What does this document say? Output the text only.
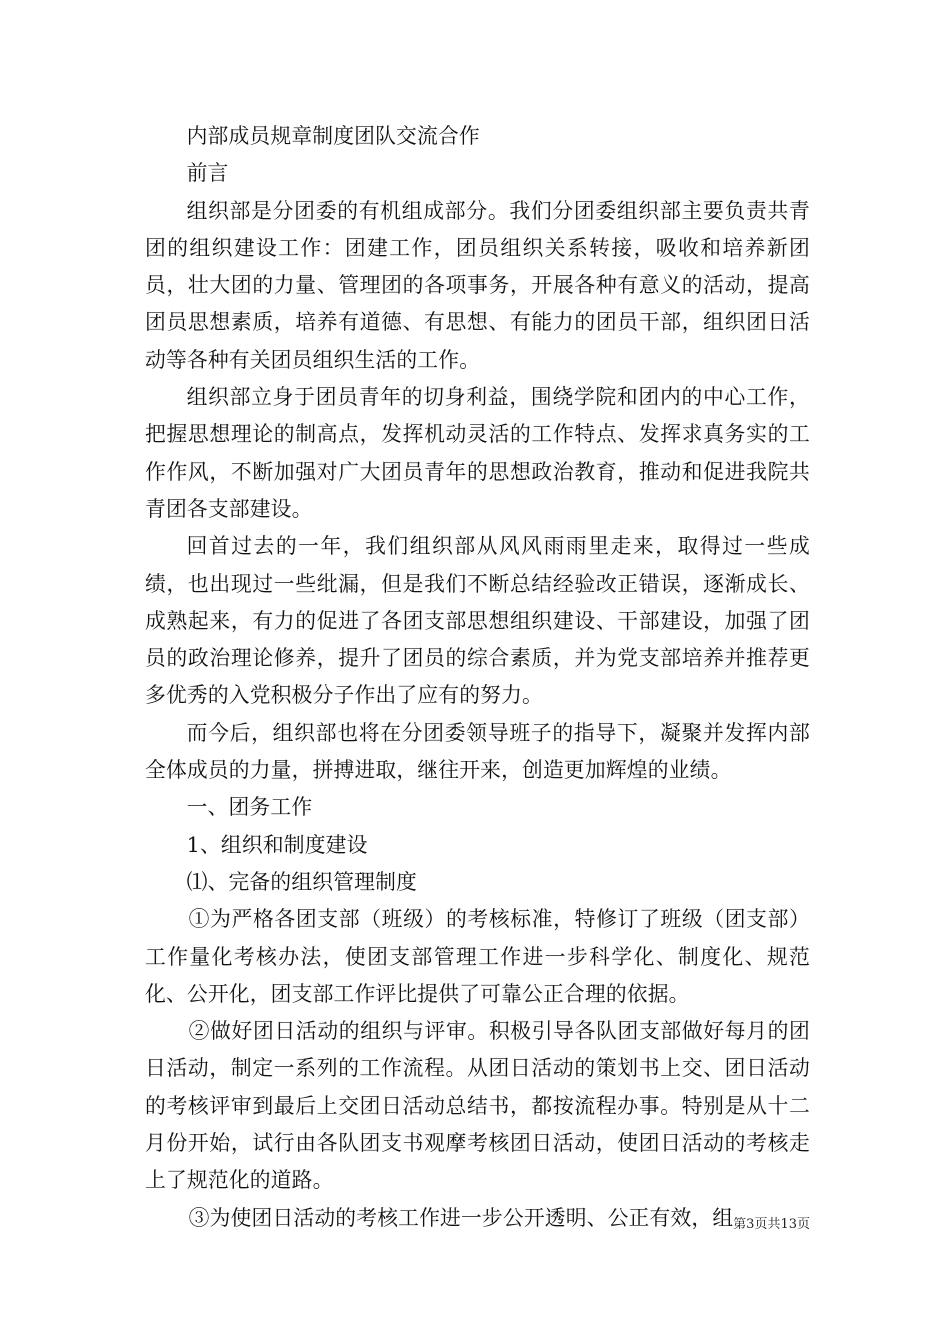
内部成员规章制度团队交流合作

前言

组织部是分团委的有机组成部分。我们分团委组织部主要负责共青团的组织建设工作：团建工作，团员组织关系转接，吸收和培养新团员，壮大团的力量、管理团的各项事务，开展各种有意义的活动，提高团员思想素质，培养有道德、有思想、有能力的团员干部，组织团日活动等各种有关团员组织生活的工作。

组织部立身于团员青年的切身利益，围绕学院和团内的中心工作，把握思想理论的制高点，发挥机动灵活的工作特点、发挥求真务实的工作作风，不断加强对广大团员青年的思想政治教育，推动和促进我院共青团各支部建设。

回首过去的一年，我们组织部从风风雨雨里走来，取得过一些成绩，也出现过一些纰漏，但是我们不断总结经验改正错误，逐渐成长、成熟起来，有力的促进了各团支部思想组织建设、干部建设，加强了团员的政治理论修养，提升了团员的综合素质，并为党支部培养并推荐更多优秀的入党积极分子作出了应有的努力。

而今后，组织部也将在分团委领导班子的指导下，凝聚并发挥内部全体成员的力量，拼搏进取，继往开来，创造更加辉煌的业绩。

一、团务工作

1、组织和制度建设

⑴、完备的组织管理制度

①为严格各团支部（班级）的考核标准，特修订了班级（团支部）工作量化考核办法，使团支部管理工作进一步科学化、制度化、规范化、公开化，团支部工作评比提供了可靠公正合理的依据。

②做好团日活动的组织与评审。积极引导各队团支部做好每月的团日活动，制定一系列的工作流程。从团日活动的策划书上交、团日活动的考核评审到最后上交团日活动总结书，都按流程办事。特别是从十二月份开始，试行由各队团支书观摩考核团日活动，使团日活动的考核走上了规范化的道路。

③为使团日活动的考核工作进一步公开透明、公正有效，组 第3页共13页
